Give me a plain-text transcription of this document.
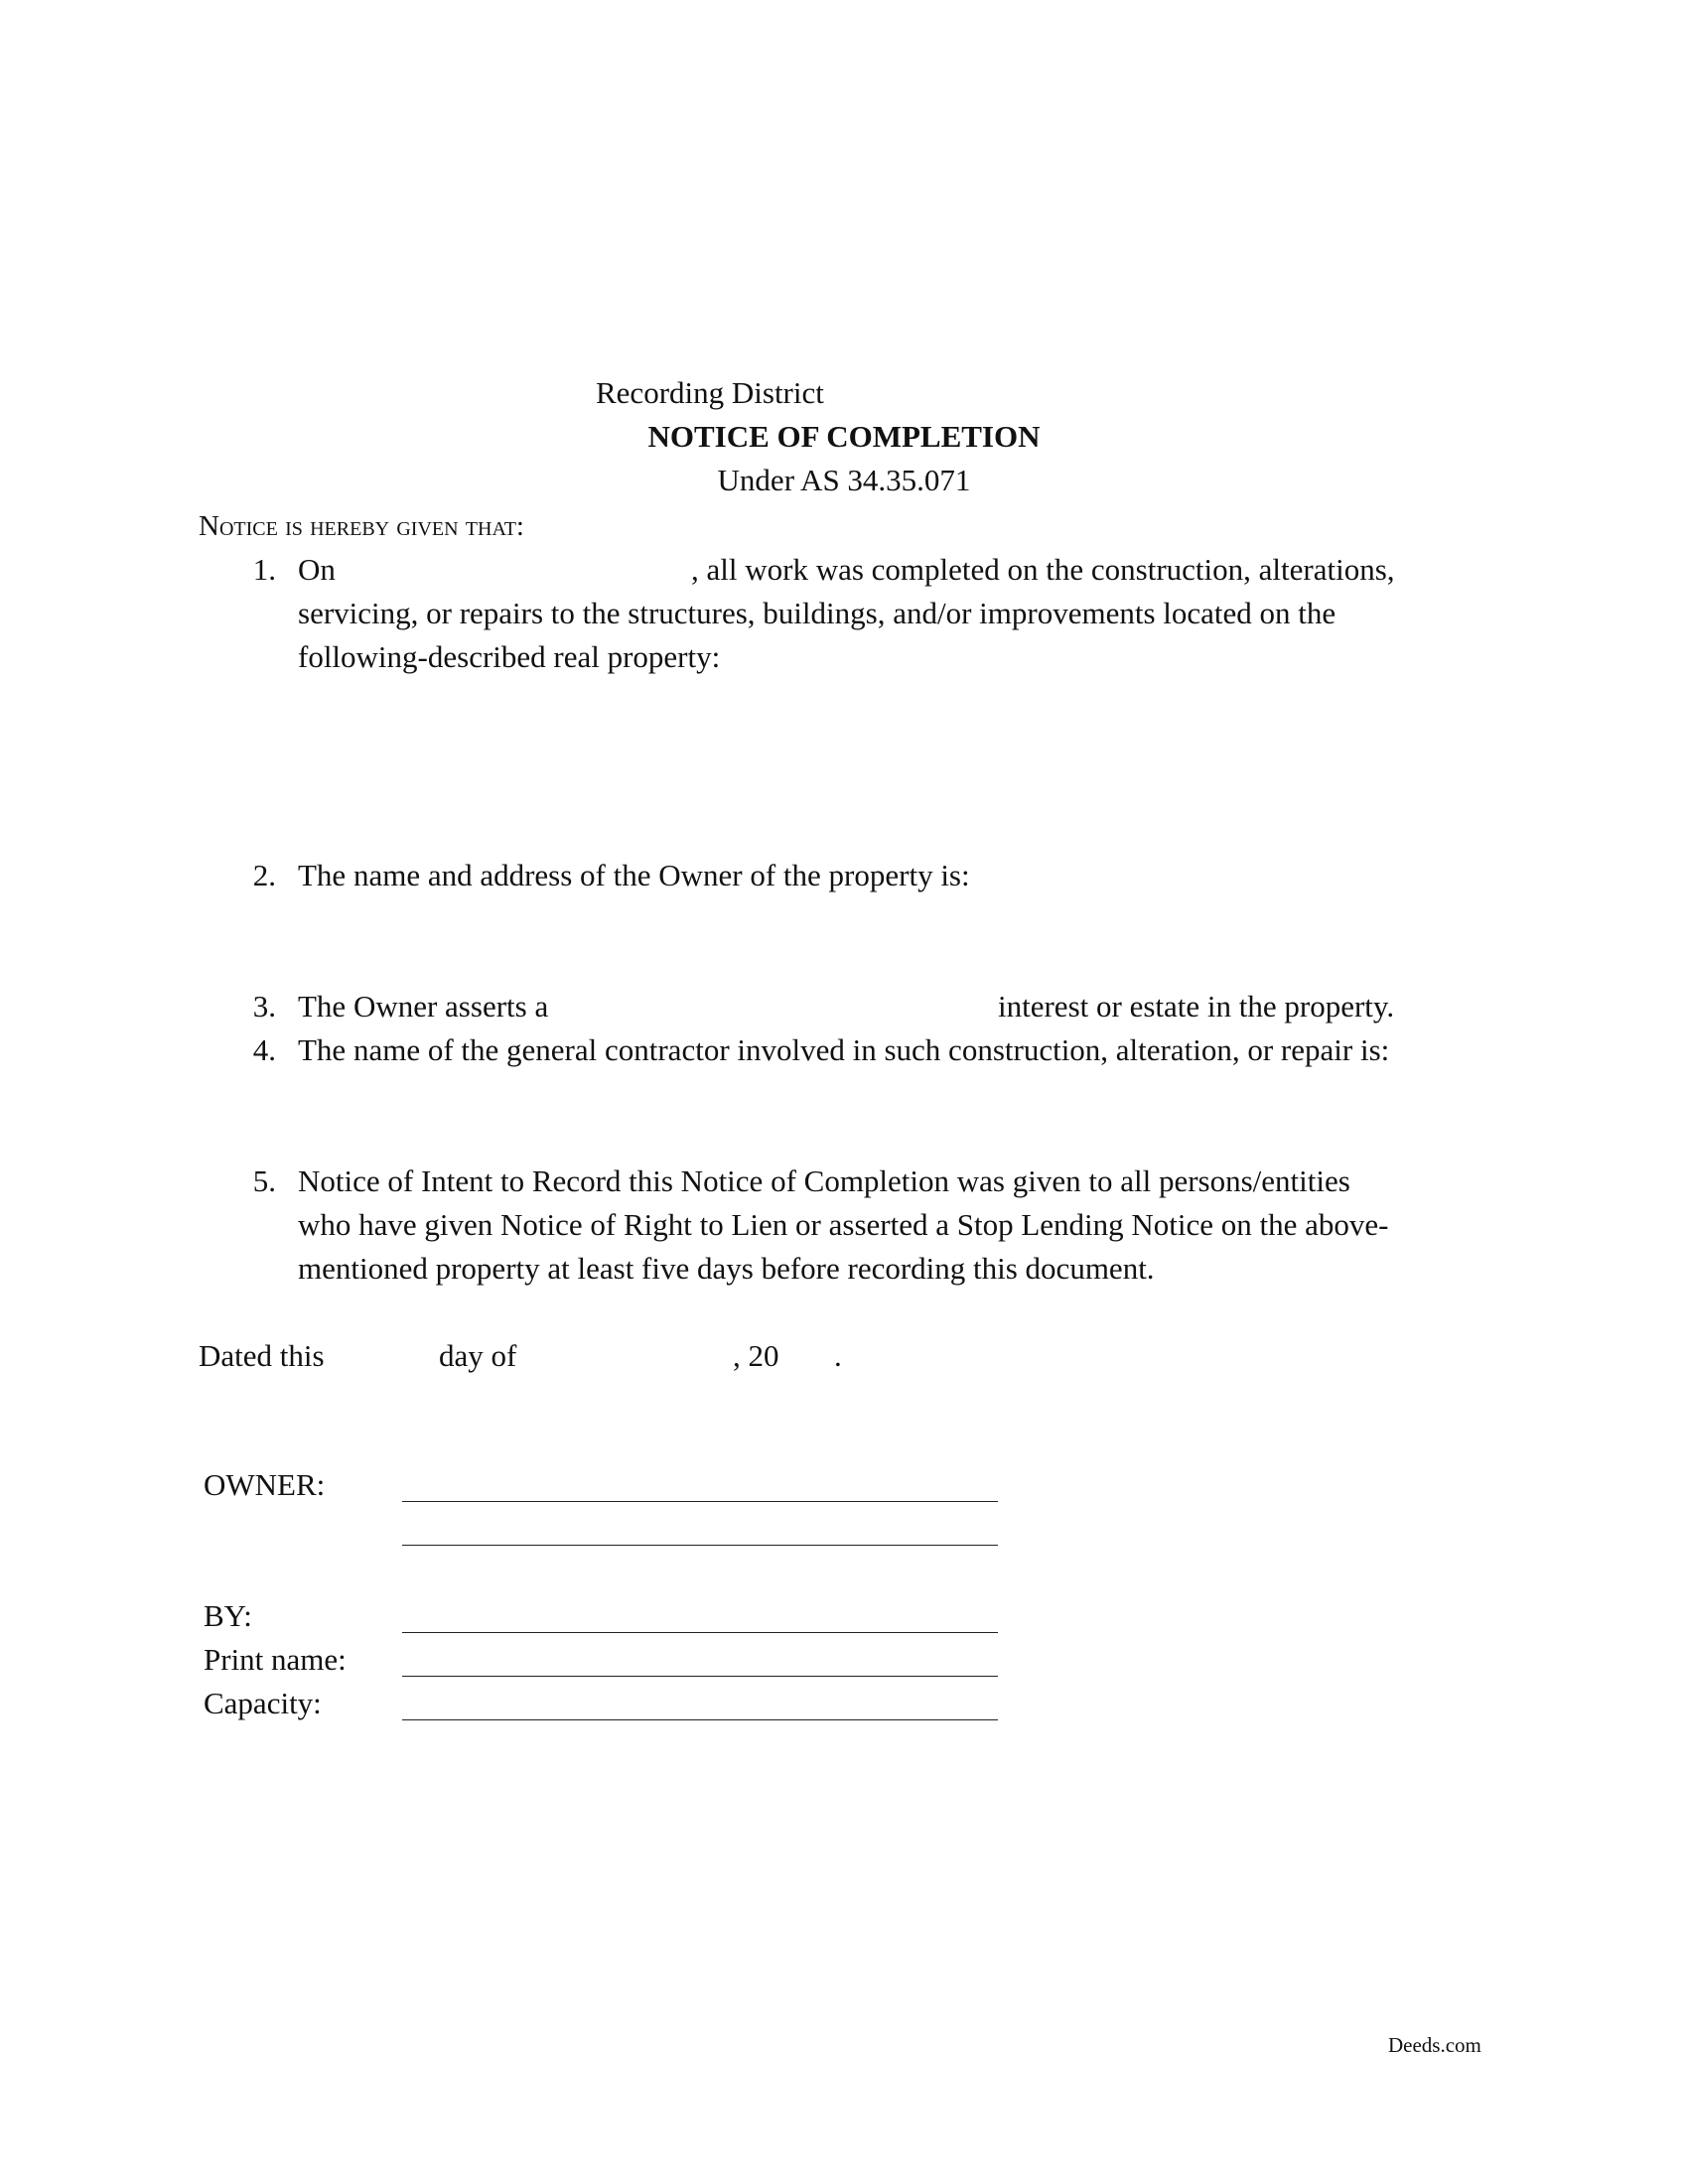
Recording District
NOTICE OF COMPLETION
Under AS 34.35.071
Notice is hereby given that:
1. On	, all work was completed on the construction, alterations,
servicing, or repairs to the structures, buildings, and/or improvements located on the
following-described real property:
2. The name and address of the Owner of the property is:
3. The Owner asserts a	interest or estate in the property.
4. The name of the general contractor involved in such construction, alteration, or repair is:
5. Notice of Intent to Record this Notice of Completion was given to all persons/entities
who have given Notice of Right to Lien or asserted a Stop Lending Notice on the above-
mentioned property at least five days before recording this document.
Dated this	day of	, 20 .
OWNER:
BY:
Print name:
Capacity:
Deeds.com
